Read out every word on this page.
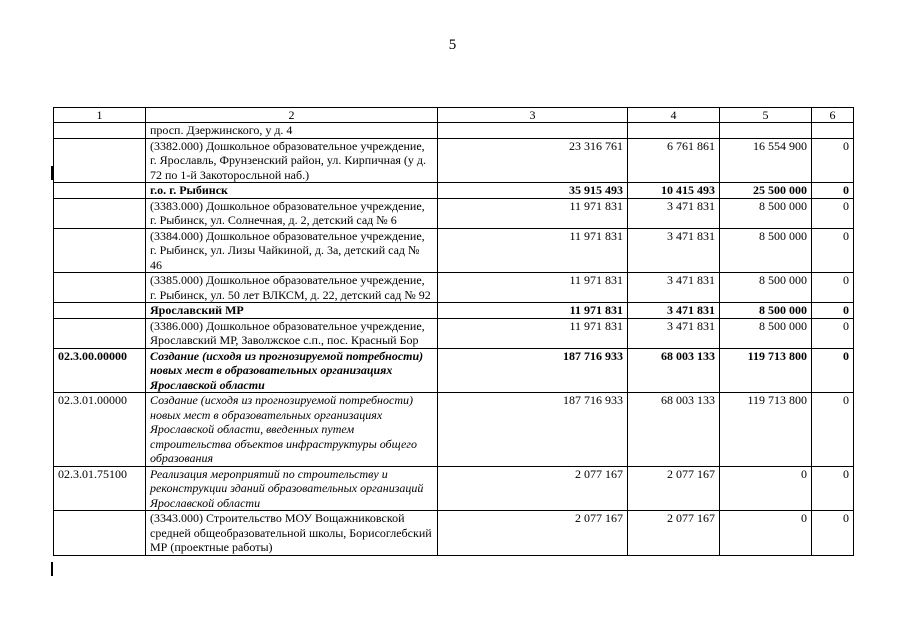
5
1	2	3	4	5	6
	просп. Дзержинского, у д. 4				
	(3382.000) Дошкольное образовательное учреждение, г. Ярославль, Фрунзенский район, ул. Кирпичная (у д. 72 по 1-й Закоторосльной наб.)	23 316 761	6 761 861	16 554 900	0
	г.о. г. Рыбинск	35 915 493	10 415 493	25 500 000	0
	(3383.000) Дошкольное образовательное учреждение, г. Рыбинск, ул. Солнечная, д. 2, детский сад № 6	11 971 831	3 471 831	8 500 000	0
	(3384.000) Дошкольное образовательное учреждение, г. Рыбинск, ул. Лизы Чайкиной, д. 3а, детский сад № 46	11 971 831	3 471 831	8 500 000	0
	(3385.000) Дошкольное образовательное учреждение, г. Рыбинск, ул. 50 лет ВЛКСМ, д. 22, детский сад № 92	11 971 831	3 471 831	8 500 000	0
	Ярославский МР	11 971 831	3 471 831	8 500 000	0
	(3386.000) Дошкольное образовательное учреждение, Ярославский МР, Заволжское с.п., пос. Красный Бор	11 971 831	3 471 831	8 500 000	0
02.3.00.00000	Создание (исходя из прогнозируемой потребности) новых мест в образовательных организациях Ярославской области	187 716 933	68 003 133	119 713 800	0
02.3.01.00000	Создание (исходя из прогнозируемой потребности) новых мест в образовательных организациях Ярославской области, введенных путем строительства объектов инфраструктуры общего образования	187 716 933	68 003 133	119 713 800	0
02.3.01.75100	Реализация мероприятий по строительству и реконструкции зданий образовательных организаций Ярославской области	2 077 167	2 077 167	0	0
	(3343.000) Строительство МОУ Вощажниковской средней общеобразовательной школы, Борисоглебский МР (проектные работы)	2 077 167	2 077 167	0	0
